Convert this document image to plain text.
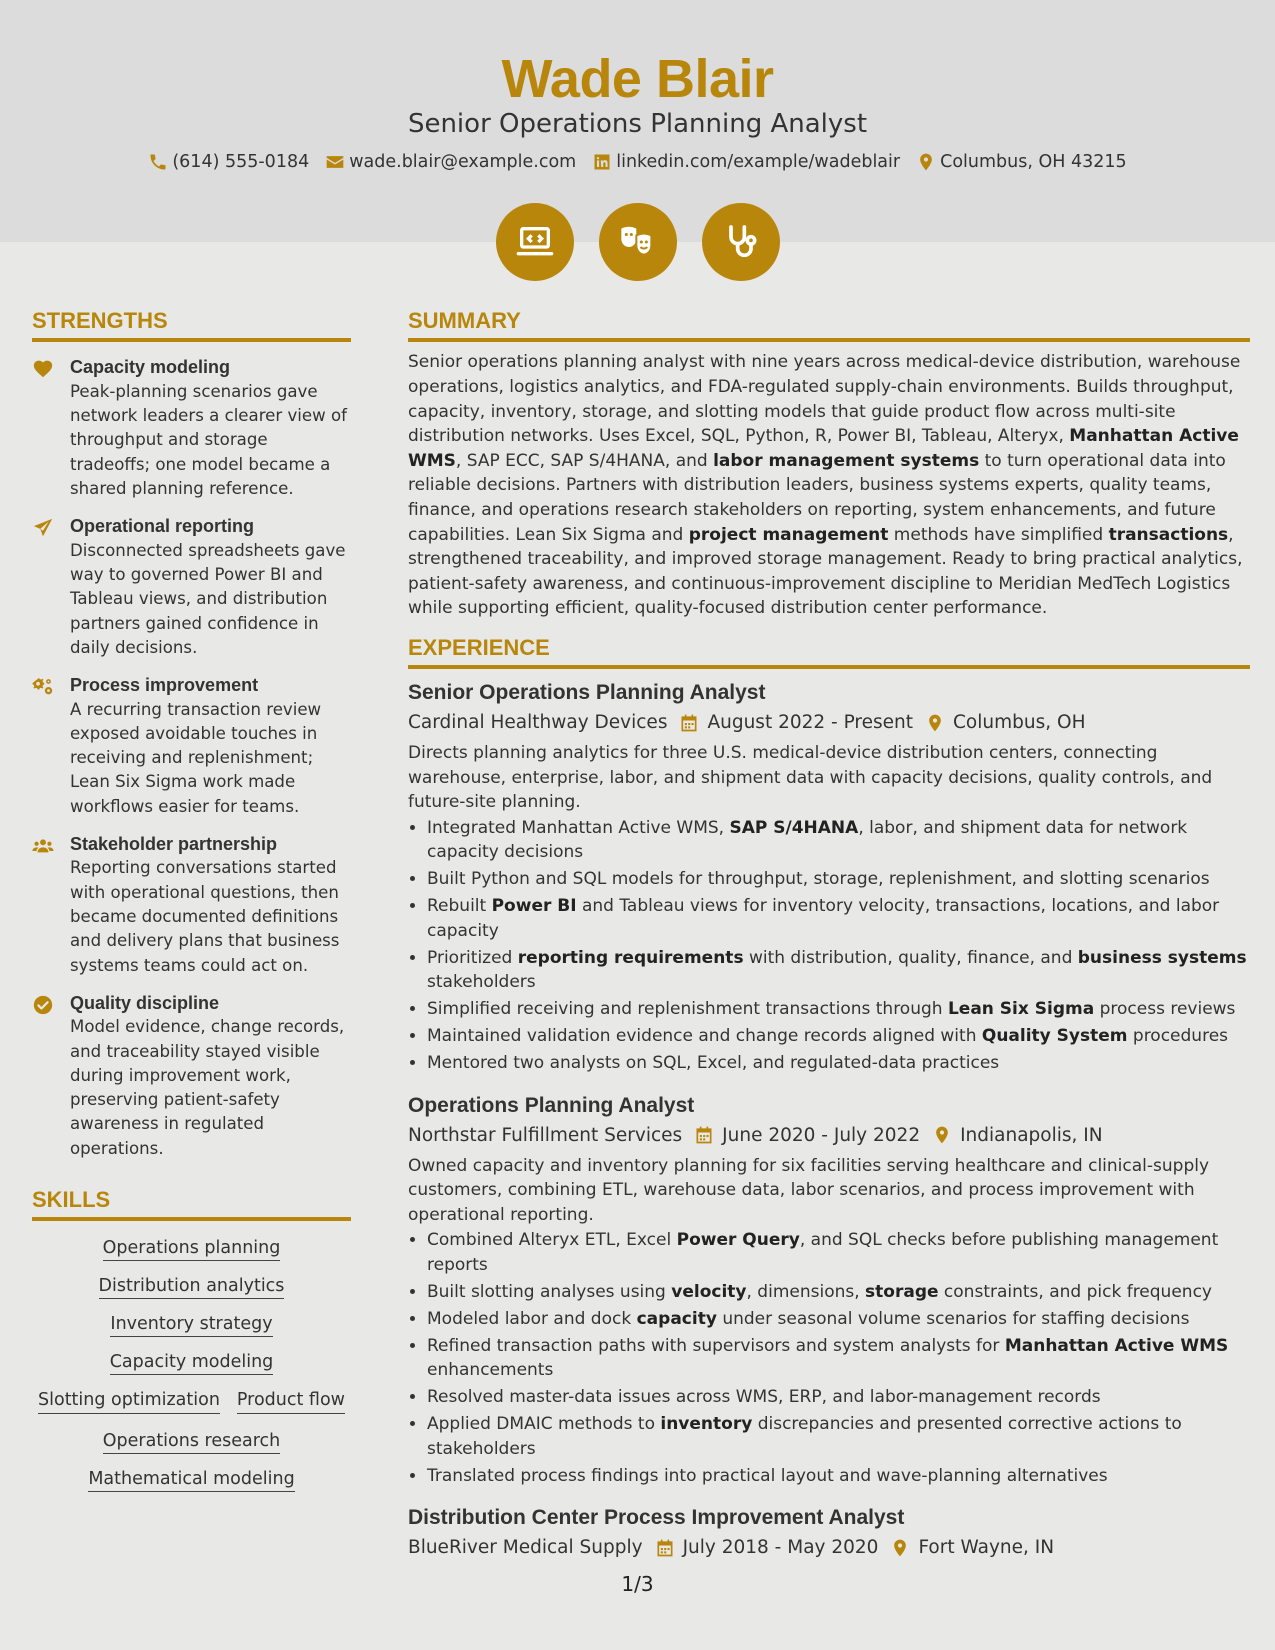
Wade Blair
Senior Operations Planning Analyst
(614) 555-0184 wade.blair@example.com linkedin.com/example/wadeblair Columbus, OH 43215
STRENGTHS
Capacity modeling
Peak-planning scenarios gave network leaders a clearer view of throughput and storage tradeoffs; one model became a shared planning reference.
Operational reporting
Disconnected spreadsheets gave way to governed Power BI and Tableau views, and distribution partners gained confidence in daily decisions.
Process improvement
A recurring transaction review exposed avoidable touches in receiving and replenishment; Lean Six Sigma work made workflows easier for teams.
Stakeholder partnership
Reporting conversations started with operational questions, then became documented definitions and delivery plans that business systems teams could act on.
Quality discipline
Model evidence, change records, and traceability stayed visible during improvement work, preserving patient-safety awareness in regulated operations.
SKILLS
Operations planning
Distribution analytics
Inventory strategy
Capacity modeling
Slotting optimization Product flow
Operations research
Mathematical modeling
SUMMARY

Senior operations planning analyst with nine years across medical-device distribution, warehouse operations, logistics analytics, and FDA-regulated supply-chain environments. Builds throughput, capacity, inventory, storage, and slotting models that guide product flow across multi-site distribution networks. Uses Excel, SQL, Python, R, Power BI, Tableau, Alteryx, Manhattan Active WMS, SAP ECC, SAP S/4HANA, and labor management systems to turn operational data into reliable decisions. Partners with distribution leaders, business systems experts, quality teams, finance, and operations research stakeholders on reporting, system enhancements, and future capabilities. Lean Six Sigma and project management methods have simplified transactions, strengthened traceability, and improved storage management. Ready to bring practical analytics, patient-safety awareness, and continuous-improvement discipline to Meridian MedTech Logistics while supporting efficient, quality-focused distribution center performance.

EXPERIENCE
Senior Operations Planning Analyst
Cardinal Healthway Devices August 2022 - Present Columbus, OH

Directs planning analytics for three U.S. medical-device distribution centers, connecting warehouse, enterprise, labor, and shipment data with capacity decisions, quality controls, and future-site planning.

• Integrated Manhattan Active WMS, SAP S/4HANA, labor, and shipment data for network capacity decisions
• Built Python and SQL models for throughput, storage, replenishment, and slotting scenarios
• Rebuilt Power BI and Tableau views for inventory velocity, transactions, locations, and labor capacity
• Prioritized reporting requirements with distribution, quality, finance, and business systems stakeholders
• Simplified receiving and replenishment transactions through Lean Six Sigma process reviews
• Maintained validation evidence and change records aligned with Quality System procedures
• Mentored two analysts on SQL, Excel, and regulated-data practices
Operations Planning Analyst
Northstar Fulfillment Services June 2020 - July 2022 Indianapolis, IN

Owned capacity and inventory planning for six facilities serving healthcare and clinical-supply customers, combining ETL, warehouse data, labor scenarios, and process improvement with operational reporting.

• Combined Alteryx ETL, Excel Power Query, and SQL checks before publishing management reports
• Built slotting analyses using velocity, dimensions, storage constraints, and pick frequency
• Modeled labor and dock capacity under seasonal volume scenarios for staffing decisions
• Refined transaction paths with supervisors and system analysts for Manhattan Active WMS enhancements
• Resolved master-data issues across WMS, ERP, and labor-management records
• Applied DMAIC methods to inventory discrepancies and presented corrective actions to stakeholders
• Translated process findings into practical layout and wave-planning alternatives
Distribution Center Process Improvement Analyst
BlueRiver Medical Supply July 2018 - May 2020 Fort Wayne, IN
1/3
